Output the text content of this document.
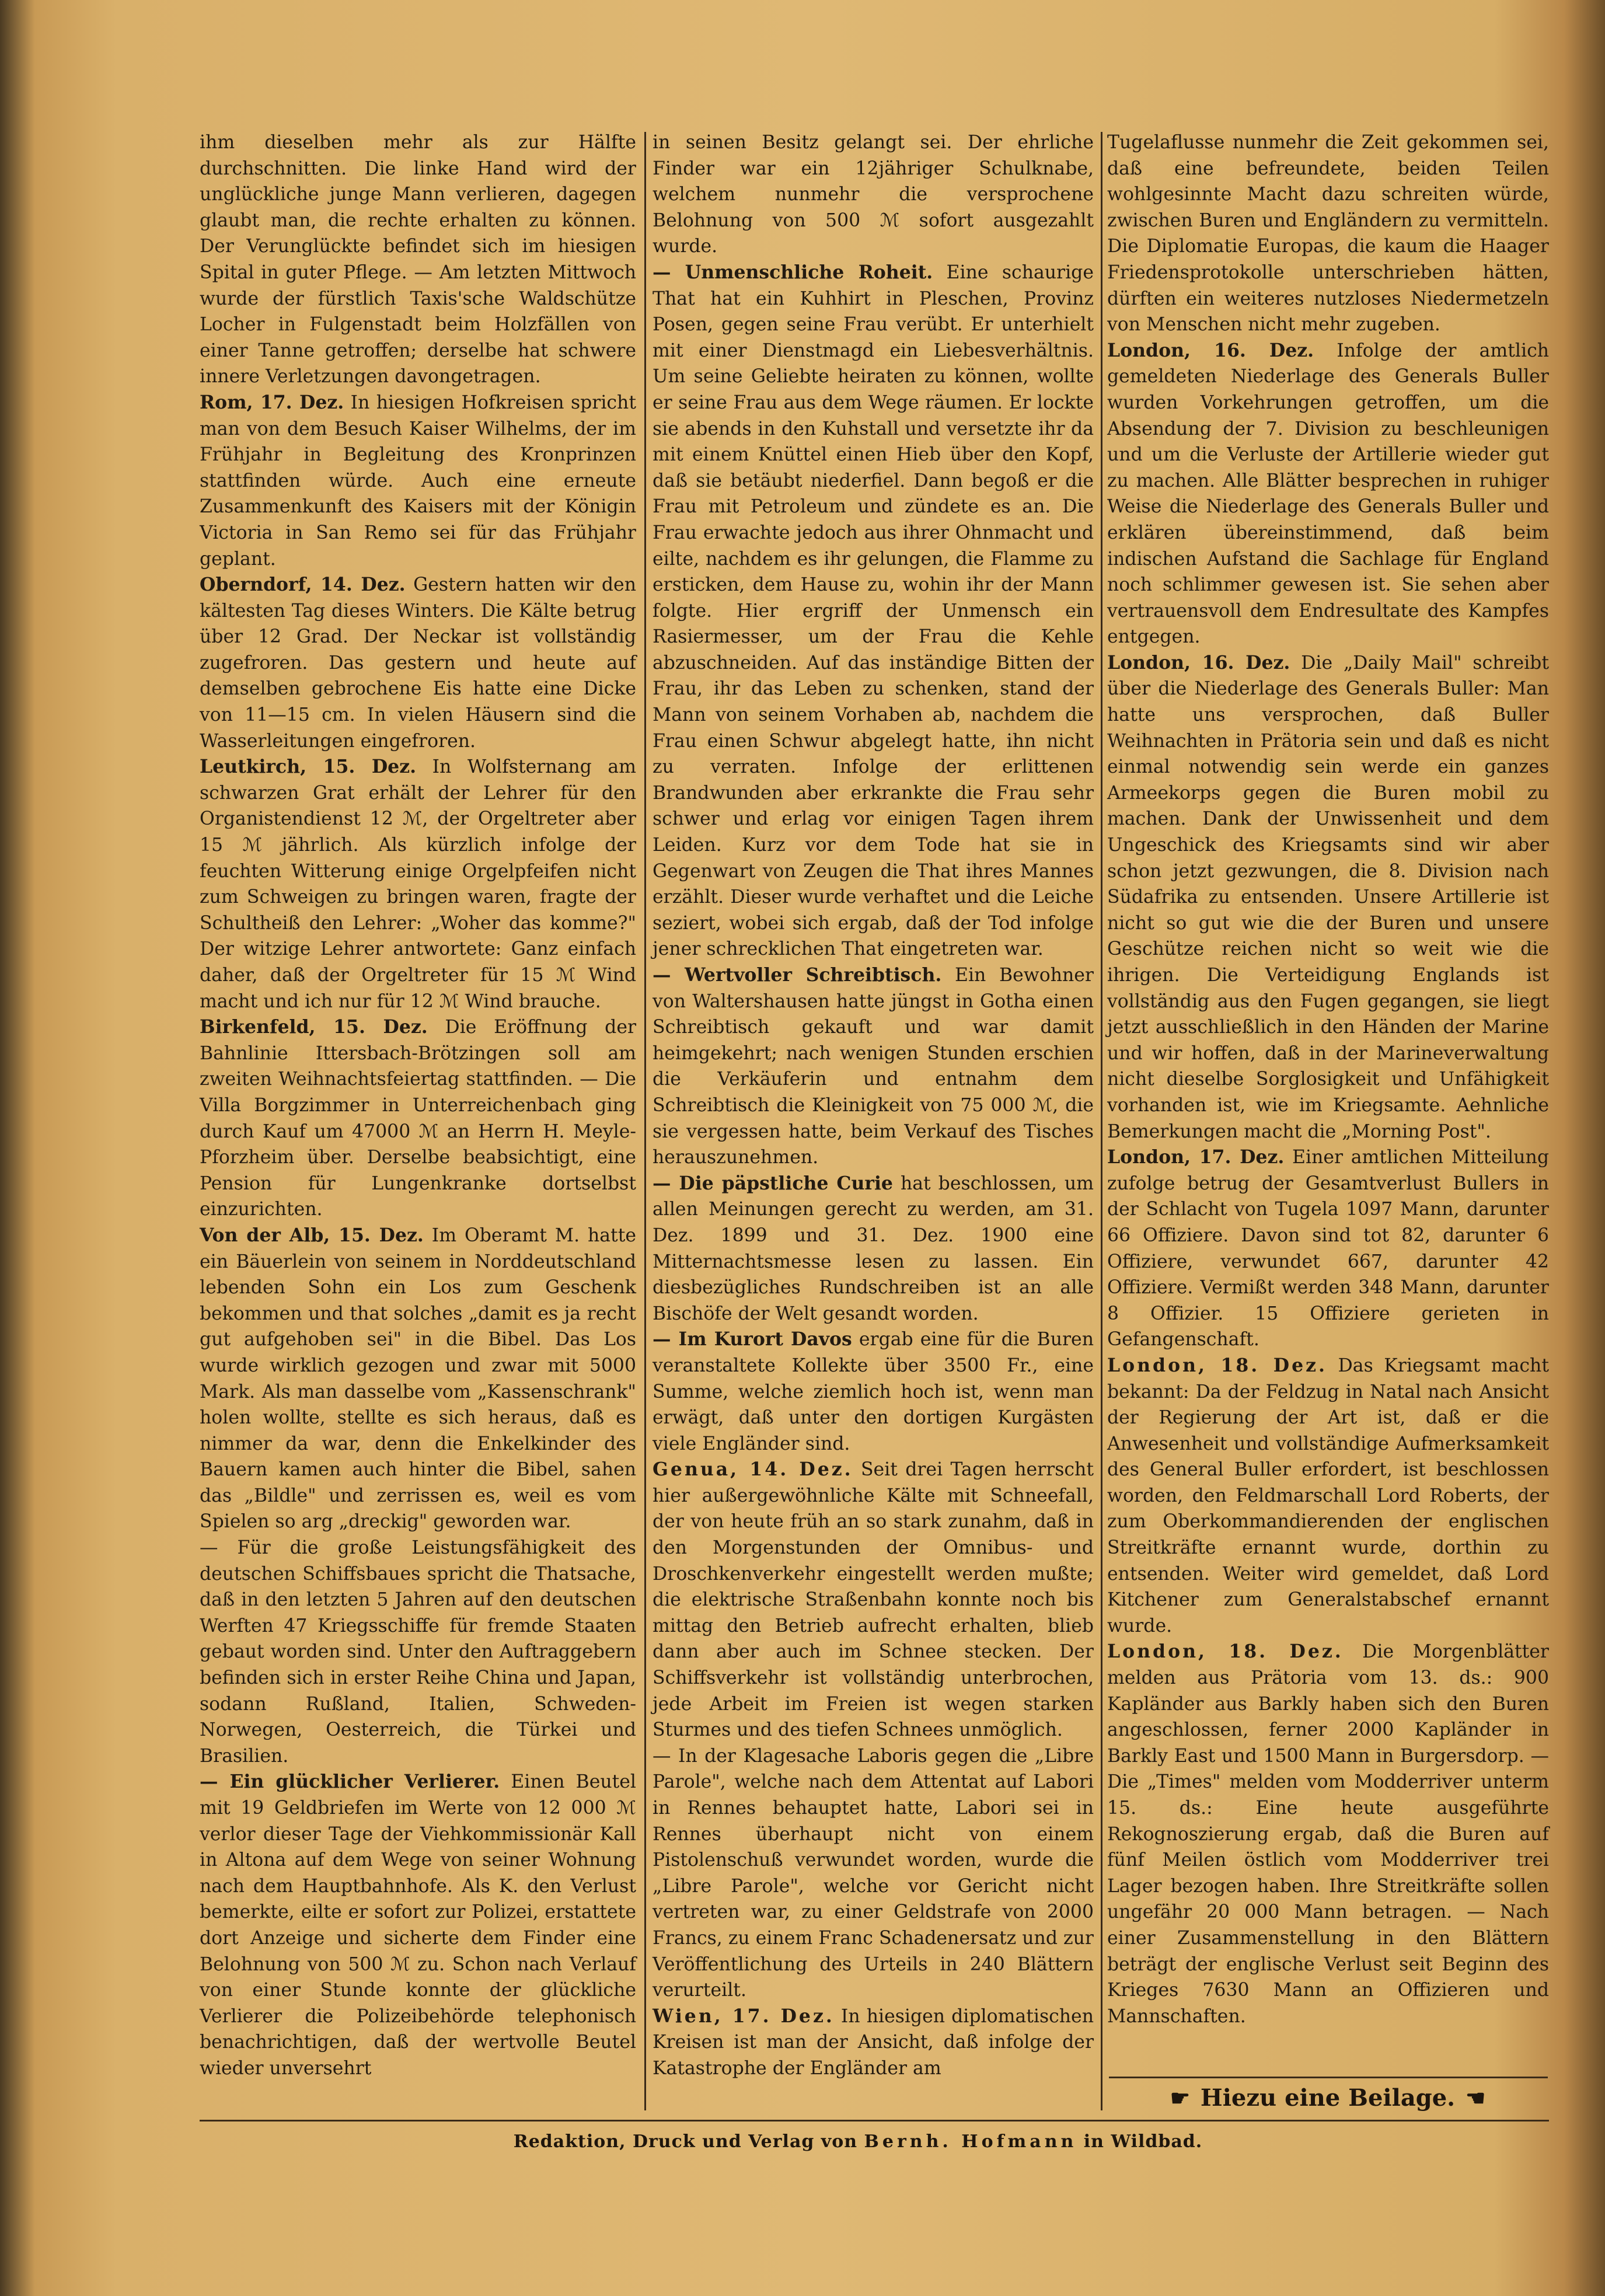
ihm dieselben mehr als zur Hälfte durchschnitten. Die linke Hand wird der unglückliche junge Mann verlieren, dagegen glaubt man, die rechte erhalten zu können. Der Verunglückte befindet sich im hiesigen Spital in guter Pflege. — Am letzten Mittwoch wurde der fürstlich Taxis'sche Waldschütze Locher in Fulgenstadt beim Holzfällen von einer Tanne getroffen; derselbe hat schwere innere Verletzungen davongetragen.

Rom, 17. Dez. In hiesigen Hofkreisen spricht man von dem Besuch Kaiser Wilhelms, der im Frühjahr in Begleitung des Kronprinzen stattfinden würde. Auch eine erneute Zusammenkunft des Kaisers mit der Königin Victoria in San Remo sei für das Frühjahr geplant.

Oberndorf, 14. Dez. Gestern hatten wir den kältesten Tag dieses Winters. Die Kälte betrug über 12 Grad. Der Neckar ist vollständig zugefroren. Das gestern und heute auf demselben gebrochene Eis hatte eine Dicke von 11—15 cm. In vielen Häusern sind die Wasserleitungen eingefroren.

Leutkirch, 15. Dez. In Wolfsternang am schwarzen Grat erhält der Lehrer für den Organistendienst 12 ℳ, der Orgeltreter aber 15 ℳ jährlich. Als kürzlich infolge der feuchten Witterung einige Orgelpfeifen nicht zum Schweigen zu bringen waren, fragte der Schultheiß den Lehrer: „Woher das komme?" Der witzige Lehrer antwortete: Ganz einfach daher, daß der Orgeltreter für 15 ℳ Wind macht und ich nur für 12 ℳ Wind brauche.

Birkenfeld, 15. Dez. Die Eröffnung der Bahnlinie Ittersbach-Brötzingen soll am zweiten Weihnachtsfeiertag stattfinden. — Die Villa Borgzimmer in Unterreichenbach ging durch Kauf um 47000 ℳ an Herrn H. Meyle-Pforzheim über. Derselbe beabsichtigt, eine Pension für Lungenkranke dortselbst einzurichten.

Von der Alb, 15. Dez. Im Oberamt M. hatte ein Bäuerlein von seinem in Norddeutschland lebenden Sohn ein Los zum Geschenk bekommen und that solches „damit es ja recht gut aufgehoben sei" in die Bibel. Das Los wurde wirklich gezogen und zwar mit 5000 Mark. Als man dasselbe vom „Kassenschrank" holen wollte, stellte es sich heraus, daß es nimmer da war, denn die Enkelkinder des Bauern kamen auch hinter die Bibel, sahen das „Bildle" und zerrissen es, weil es vom Spielen so arg „dreckig" geworden war.

— Für die große Leistungsfähigkeit des deutschen Schiffsbaues spricht die Thatsache, daß in den letzten 5 Jahren auf den deutschen Werften 47 Kriegsschiffe für fremde Staaten gebaut worden sind. Unter den Auftraggebern befinden sich in erster Reihe China und Japan, sodann Rußland, Italien, Schweden-Norwegen, Oesterreich, die Türkei und Brasilien.

— Ein glücklicher Verlierer. Einen Beutel mit 19 Geldbriefen im Werte von 12 000 ℳ verlor dieser Tage der Viehkommissionär Kall in Altona auf dem Wege von seiner Wohnung nach dem Hauptbahnhofe. Als K. den Verlust bemerkte, eilte er sofort zur Polizei, erstattete dort Anzeige und sicherte dem Finder eine Belohnung von 500 ℳ zu. Schon nach Verlauf von einer Stunde konnte der glückliche Verlierer die Polizeibehörde telephonisch benachrichtigen, daß der wertvolle Beutel wieder unversehrt

in seinen Besitz gelangt sei. Der ehrliche Finder war ein 12jähriger Schulknabe, welchem nunmehr die versprochene Belohnung von 500 ℳ sofort ausgezahlt wurde.

— Unmenschliche Roheit. Eine schaurige That hat ein Kuhhirt in Pleschen, Provinz Posen, gegen seine Frau verübt. Er unterhielt mit einer Dienstmagd ein Liebesverhältnis. Um seine Geliebte heiraten zu können, wollte er seine Frau aus dem Wege räumen. Er lockte sie abends in den Kuhstall und versetzte ihr da mit einem Knüttel einen Hieb über den Kopf, daß sie betäubt niederfiel. Dann begoß er die Frau mit Petroleum und zündete es an. Die Frau erwachte jedoch aus ihrer Ohnmacht und eilte, nachdem es ihr gelungen, die Flamme zu ersticken, dem Hause zu, wohin ihr der Mann folgte. Hier ergriff der Unmensch ein Rasiermesser, um der Frau die Kehle abzuschneiden. Auf das inständige Bitten der Frau, ihr das Leben zu schenken, stand der Mann von seinem Vorhaben ab, nachdem die Frau einen Schwur abgelegt hatte, ihn nicht zu verraten. Infolge der erlittenen Brandwunden aber erkrankte die Frau sehr schwer und erlag vor einigen Tagen ihrem Leiden. Kurz vor dem Tode hat sie in Gegenwart von Zeugen die That ihres Mannes erzählt. Dieser wurde verhaftet und die Leiche seziert, wobei sich ergab, daß der Tod infolge jener schrecklichen That eingetreten war.

— Wertvoller Schreibtisch. Ein Bewohner von Waltershausen hatte jüngst in Gotha einen Schreibtisch gekauft und war damit heimgekehrt; nach wenigen Stunden erschien die Verkäuferin und entnahm dem Schreibtisch die Kleinigkeit von 75 000 ℳ, die sie vergessen hatte, beim Verkauf des Tisches herauszunehmen.

— Die päpstliche Curie hat beschlossen, um allen Meinungen gerecht zu werden, am 31. Dez. 1899 und 31. Dez. 1900 eine Mitternachtsmesse lesen zu lassen. Ein diesbezügliches Rundschreiben ist an alle Bischöfe der Welt gesandt worden.

— Im Kurort Davos ergab eine für die Buren veranstaltete Kollekte über 3500 Fr., eine Summe, welche ziemlich hoch ist, wenn man erwägt, daß unter den dortigen Kurgästen viele Engländer sind.

Genua, 14. Dez. Seit drei Tagen herrscht hier außergewöhnliche Kälte mit Schneefall, der von heute früh an so stark zunahm, daß in den Morgenstunden der Omnibus- und Droschkenverkehr eingestellt werden mußte; die elektrische Straßenbahn konnte noch bis mittag den Betrieb aufrecht erhalten, blieb dann aber auch im Schnee stecken. Der Schiffsverkehr ist vollständig unterbrochen, jede Arbeit im Freien ist wegen starken Sturmes und des tiefen Schnees unmöglich.

— In der Klagesache Laboris gegen die „Libre Parole", welche nach dem Attentat auf Labori in Rennes behauptet hatte, Labori sei in Rennes überhaupt nicht von einem Pistolenschuß verwundet worden, wurde die „Libre Parole", welche vor Gericht nicht vertreten war, zu einer Geldstrafe von 2000 Francs, zu einem Franc Schadenersatz und zur Veröffentlichung des Urteils in 240 Blättern verurteilt.

Wien, 17. Dez. In hiesigen diplomatischen Kreisen ist man der Ansicht, daß infolge der Katastrophe der Engländer am

Tugelaflusse nunmehr die Zeit gekommen sei, daß eine befreundete, beiden Teilen wohlgesinnte Macht dazu schreiten würde, zwischen Buren und Engländern zu vermitteln. Die Diplomatie Europas, die kaum die Haager Friedensprotokolle unterschrieben hätten, dürften ein weiteres nutzloses Niedermetzeln von Menschen nicht mehr zugeben.

London, 16. Dez. Infolge der amtlich gemeldeten Niederlage des Generals Buller wurden Vorkehrungen getroffen, um die Absendung der 7. Division zu beschleunigen und um die Verluste der Artillerie wieder gut zu machen. Alle Blätter besprechen in ruhiger Weise die Niederlage des Generals Buller und erklären übereinstimmend, daß beim indischen Aufstand die Sachlage für England noch schlimmer gewesen ist. Sie sehen aber vertrauensvoll dem Endresultate des Kampfes entgegen.

London, 16. Dez. Die „Daily Mail" schreibt über die Niederlage des Generals Buller: Man hatte uns versprochen, daß Buller Weihnachten in Prätoria sein und daß es nicht einmal notwendig sein werde ein ganzes Armeekorps gegen die Buren mobil zu machen. Dank der Unwissenheit und dem Ungeschick des Kriegsamts sind wir aber schon jetzt gezwungen, die 8. Division nach Südafrika zu entsenden. Unsere Artillerie ist nicht so gut wie die der Buren und unsere Geschütze reichen nicht so weit wie die ihrigen. Die Verteidigung Englands ist vollständig aus den Fugen gegangen, sie liegt jetzt ausschließlich in den Händen der Marine und wir hoffen, daß in der Marineverwaltung nicht dieselbe Sorglosigkeit und Unfähigkeit vorhanden ist, wie im Kriegsamte. Aehnliche Bemerkungen macht die „Morning Post".

London, 17. Dez. Einer amtlichen Mitteilung zufolge betrug der Gesamtverlust Bullers in der Schlacht von Tugela 1097 Mann, darunter 66 Offiziere. Davon sind tot 82, darunter 6 Offiziere, verwundet 667, darunter 42 Offiziere. Vermißt werden 348 Mann, darunter 8 Offizier. 15 Offiziere gerieten in Gefangenschaft.

London, 18. Dez. Das Kriegsamt macht bekannt: Da der Feldzug in Natal nach Ansicht der Regierung der Art ist, daß er die Anwesenheit und vollständige Aufmerksamkeit des General Buller erfordert, ist beschlossen worden, den Feldmarschall Lord Roberts, der zum Oberkommandierenden der englischen Streitkräfte ernannt wurde, dorthin zu entsenden. Weiter wird gemeldet, daß Lord Kitchener zum Generalstabschef ernannt wurde.

London, 18. Dez. Die Morgenblätter melden aus Prätoria vom 13. ds.: 900 Kapländer aus Barkly haben sich den Buren angeschlossen, ferner 2000 Kapländer in Barkly East und 1500 Mann in Burgersdorp. — Die „Times" melden vom Modderriver unterm 15. ds.: Eine heute ausgeführte Rekognoszierung ergab, daß die Buren auf fünf Meilen östlich vom Modderriver trei Lager bezogen haben. Ihre Streitkräfte sollen ungefähr 20 000 Mann betragen. — Nach einer Zusammenstellung in den Blättern beträgt der englische Verlust seit Beginn des Krieges 7630 Mann an Offizieren und Mannschaften.

☛ Hiezu eine Beilage. ☚
Redaktion, Druck und Verlag von Bernh. Hofmann in Wildbad.
